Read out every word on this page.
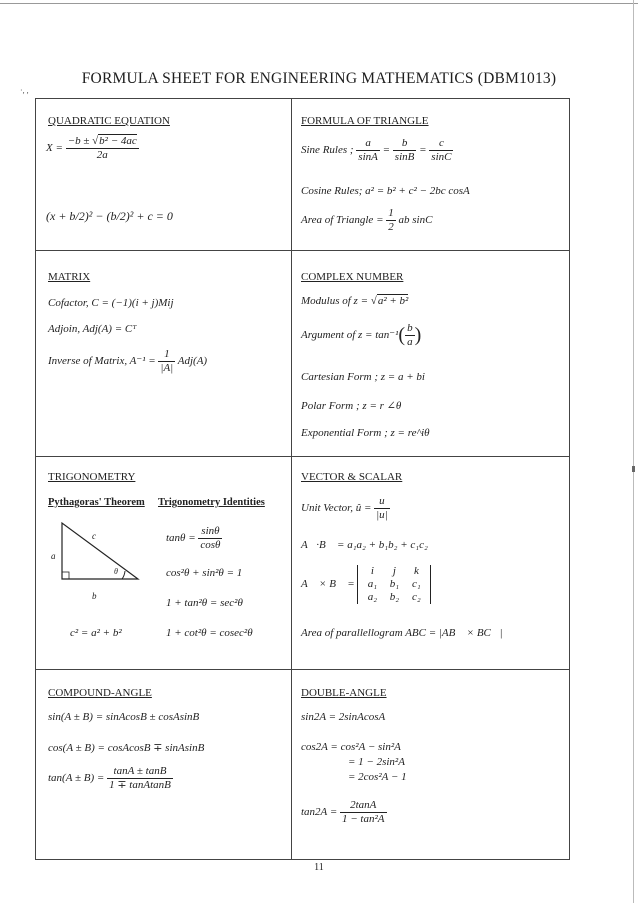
FORMULA SHEET FOR ENGINEERING MATHEMATICS (DBM1013)
·, ,
QUADRATIC EQUATION
$X = \frac{\text{−b ± √b² − 4ac}}{2a}$
(x + b/2)² − (b/2)² + c = 0
FORMULA OF TRIANGLE
Sine Rules ; $\frac{a}{\sin A} = \frac{b}{\sin B} = \frac{c}{\sin C}$
Cosine Rules; a² = b² + c² − 2bc cosA
Area of Triangle = $\frac{1}{2}$ ab sinC
MATRIX
Cofactor, C = (−1)(i + j)Mij
Adjoin, Adj(A) = Cᵀ
Inverse of Matrix, $A^{-1} = \frac{1}{|A|} Adj(A)$
COMPLEX NUMBER
Modulus of z = √a² + b²
Argument of $z = \tan^{-1}( \frac{b}{a}$ )
Cartesian Form ; z = a + bi
Polar Form ; z = r ∠θ
Exponential Form ; z = re^iθ
TRIGONOMETRY
Pythagoras' Theorem Trigonometry Identities
c
a
θ
b
c² = a² + b²
$\tan\theta = \frac{\sin\theta}{\cos\theta}$
cos²θ + sin²θ = 1
1 + tan²θ = sec²θ
1 + cot²θ = cosec²θ
VECTOR & SCALAR
Unit Vector, û = $\frac{u}{|u|}$
A⃗·B⃗ = a₁a₂ + b₁b₂ + c₁c₂
A⃗ × B⃗ =
i j k
a₁ b₁ c₁
a₂ b₂ c₂
Area of parallellogram ABC = |AB⃗ × BC⃗|
COMPOUND-ANGLE
sin(A ± B) = sinAcosB ± cosAsinB
cos(A ± B) = cosAcosB ∓ sinAsinB
$\tan(A \pm B) = \frac{\tan A \pm \tan B}{\text{1 ∓ tanAtanB}}$
DOUBLE-ANGLE
sin2A = 2sinAcosA
cos2A = cos²A − sin²A
= 1 − 2sin²A
= 2cos²A − 1
$\tan 2A = \frac{2\tan A}{\text{1 − tan²A}}$
11
